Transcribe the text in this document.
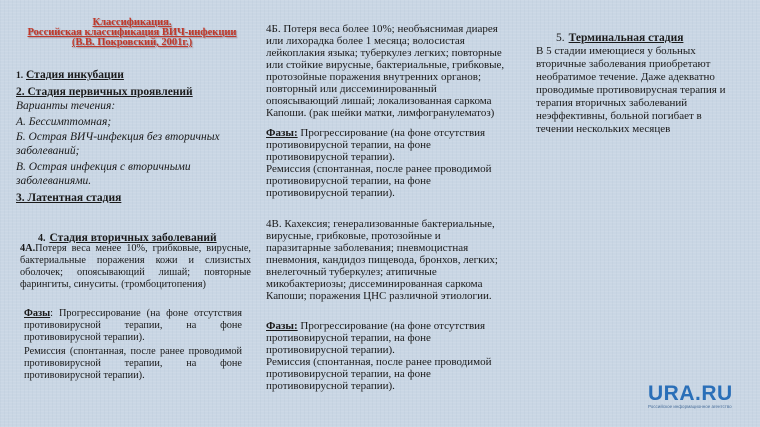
Классификация.
Российская классификация ВИЧ-инфекции
(В.В. Покровский, 2001г.)
1. Стадия инкубации
2. Стадия первичных проявлений
Варианты течения:
А. Бессимптомная;
Б. Острая ВИЧ-инфекция без вторичных заболеваний;
В. Острая инфекция с вторичными заболеваниями.
3. Латентная стадия
4. Стадия вторичных заболеваний
4А.Потеря веса менее 10%, грибковые, вирусные, бактериальные поражения кожи и слизистых оболочек; опоясывающий лишай; повторные фарингиты, синуситы. (тромбоцитопения)
Фазы: Прогрессирование (на фоне отсутствия противовирусной терапии, на фоне противовирусной терапии).
Ремиссия (спонтанная, после ранее проводимой противовирусной терапии, на фоне противовирусной терапии).
4Б. Потеря веса более 10%; необъяснимая диарея или лихорадка более 1 месяца; волосистая лейкоплакия языка; туберкулез легких; повторные или стойкие вирусные, бактериальные, грибковые, протозойные поражения внутренних органов; повторный или диссеминированный опоясывающий лишай; локализованная саркома Капоши. (рак шейки матки, лимфогранулематоз)
Фазы: Прогрессирование (на фоне отсутствия противовирусной терапии, на фоне противовирусной терапии).
Ремиссия (спонтанная, после ранее проводимой противовирусной терапии, на фоне противовирусной терапии).
4В. Кахексия; генерализованные бактериальные, вирусные, грибковые, протозойные и паразитарные заболевания; пневмоцистная пневмония, кандидоз пищевода, бронхов, легких; внелегочный туберкулез; атипичные микобактериозы; диссеминированная саркома Капоши; поражения ЦНС различной этиологии.
Фазы: Прогрессирование (на фоне отсутствия противовирусной терапии, на фоне противовирусной терапии).
Ремиссия (спонтанная, после ранее проводимой противовирусной терапии, на фоне противовирусной терапии).
5. Терминальная стадия
В 5 стадии имеющиеся у больных вторичные заболевания приобретают необратимое течение. Даже адекватно проводимые противовирусная терапия и терапия вторичных заболеваний неэффективны, больной погибает в течении нескольких месяцев
URA.RU
Российское информационное агентство
